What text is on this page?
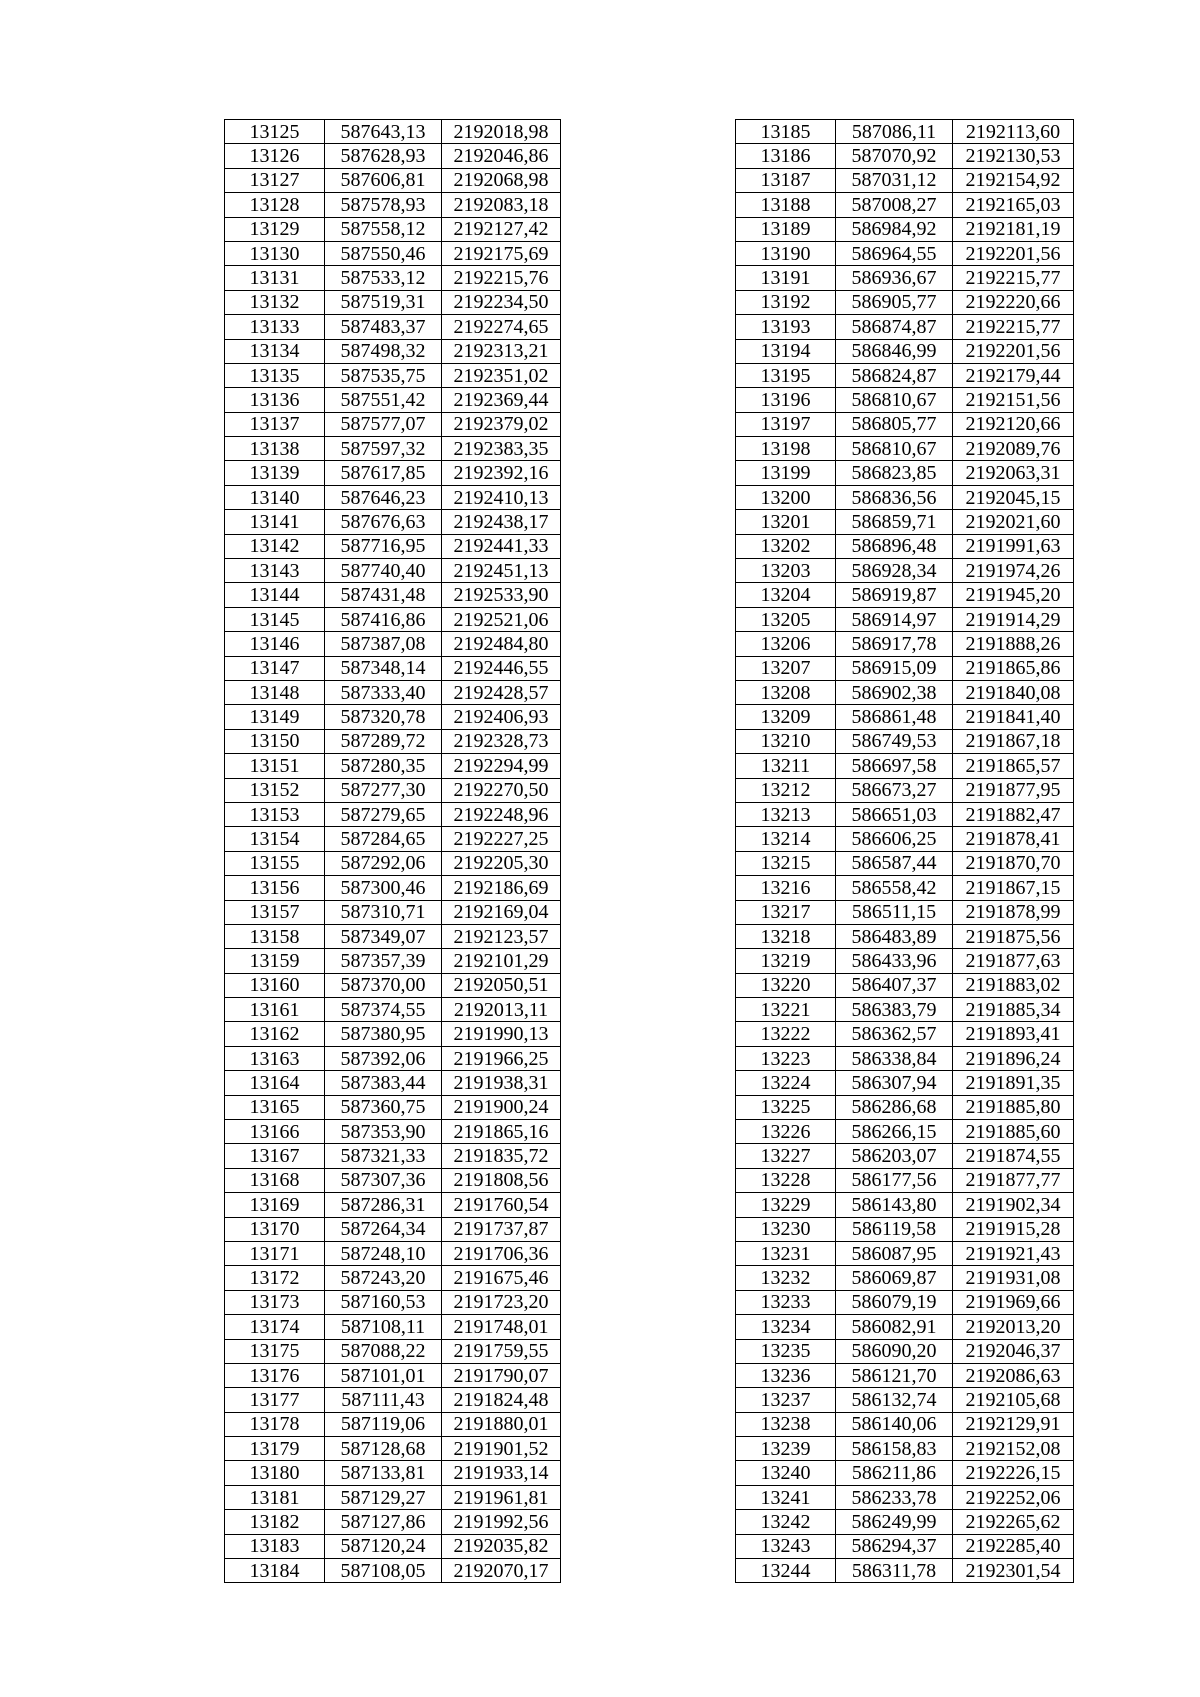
13125	587643,13	2192018,98
13126	587628,93	2192046,86
13127	587606,81	2192068,98
13128	587578,93	2192083,18
13129	587558,12	2192127,42
13130	587550,46	2192175,69
13131	587533,12	2192215,76
13132	587519,31	2192234,50
13133	587483,37	2192274,65
13134	587498,32	2192313,21
13135	587535,75	2192351,02
13136	587551,42	2192369,44
13137	587577,07	2192379,02
13138	587597,32	2192383,35
13139	587617,85	2192392,16
13140	587646,23	2192410,13
13141	587676,63	2192438,17
13142	587716,95	2192441,33
13143	587740,40	2192451,13
13144	587431,48	2192533,90
13145	587416,86	2192521,06
13146	587387,08	2192484,80
13147	587348,14	2192446,55
13148	587333,40	2192428,57
13149	587320,78	2192406,93
13150	587289,72	2192328,73
13151	587280,35	2192294,99
13152	587277,30	2192270,50
13153	587279,65	2192248,96
13154	587284,65	2192227,25
13155	587292,06	2192205,30
13156	587300,46	2192186,69
13157	587310,71	2192169,04
13158	587349,07	2192123,57
13159	587357,39	2192101,29
13160	587370,00	2192050,51
13161	587374,55	2192013,11
13162	587380,95	2191990,13
13163	587392,06	2191966,25
13164	587383,44	2191938,31
13165	587360,75	2191900,24
13166	587353,90	2191865,16
13167	587321,33	2191835,72
13168	587307,36	2191808,56
13169	587286,31	2191760,54
13170	587264,34	2191737,87
13171	587248,10	2191706,36
13172	587243,20	2191675,46
13173	587160,53	2191723,20
13174	587108,11	2191748,01
13175	587088,22	2191759,55
13176	587101,01	2191790,07
13177	587111,43	2191824,48
13178	587119,06	2191880,01
13179	587128,68	2191901,52
13180	587133,81	2191933,14
13181	587129,27	2191961,81
13182	587127,86	2191992,56
13183	587120,24	2192035,82
13184	587108,05	2192070,17
13185	587086,11	2192113,60
13186	587070,92	2192130,53
13187	587031,12	2192154,92
13188	587008,27	2192165,03
13189	586984,92	2192181,19
13190	586964,55	2192201,56
13191	586936,67	2192215,77
13192	586905,77	2192220,66
13193	586874,87	2192215,77
13194	586846,99	2192201,56
13195	586824,87	2192179,44
13196	586810,67	2192151,56
13197	586805,77	2192120,66
13198	586810,67	2192089,76
13199	586823,85	2192063,31
13200	586836,56	2192045,15
13201	586859,71	2192021,60
13202	586896,48	2191991,63
13203	586928,34	2191974,26
13204	586919,87	2191945,20
13205	586914,97	2191914,29
13206	586917,78	2191888,26
13207	586915,09	2191865,86
13208	586902,38	2191840,08
13209	586861,48	2191841,40
13210	586749,53	2191867,18
13211	586697,58	2191865,57
13212	586673,27	2191877,95
13213	586651,03	2191882,47
13214	586606,25	2191878,41
13215	586587,44	2191870,70
13216	586558,42	2191867,15
13217	586511,15	2191878,99
13218	586483,89	2191875,56
13219	586433,96	2191877,63
13220	586407,37	2191883,02
13221	586383,79	2191885,34
13222	586362,57	2191893,41
13223	586338,84	2191896,24
13224	586307,94	2191891,35
13225	586286,68	2191885,80
13226	586266,15	2191885,60
13227	586203,07	2191874,55
13228	586177,56	2191877,77
13229	586143,80	2191902,34
13230	586119,58	2191915,28
13231	586087,95	2191921,43
13232	586069,87	2191931,08
13233	586079,19	2191969,66
13234	586082,91	2192013,20
13235	586090,20	2192046,37
13236	586121,70	2192086,63
13237	586132,74	2192105,68
13238	586140,06	2192129,91
13239	586158,83	2192152,08
13240	586211,86	2192226,15
13241	586233,78	2192252,06
13242	586249,99	2192265,62
13243	586294,37	2192285,40
13244	586311,78	2192301,54
